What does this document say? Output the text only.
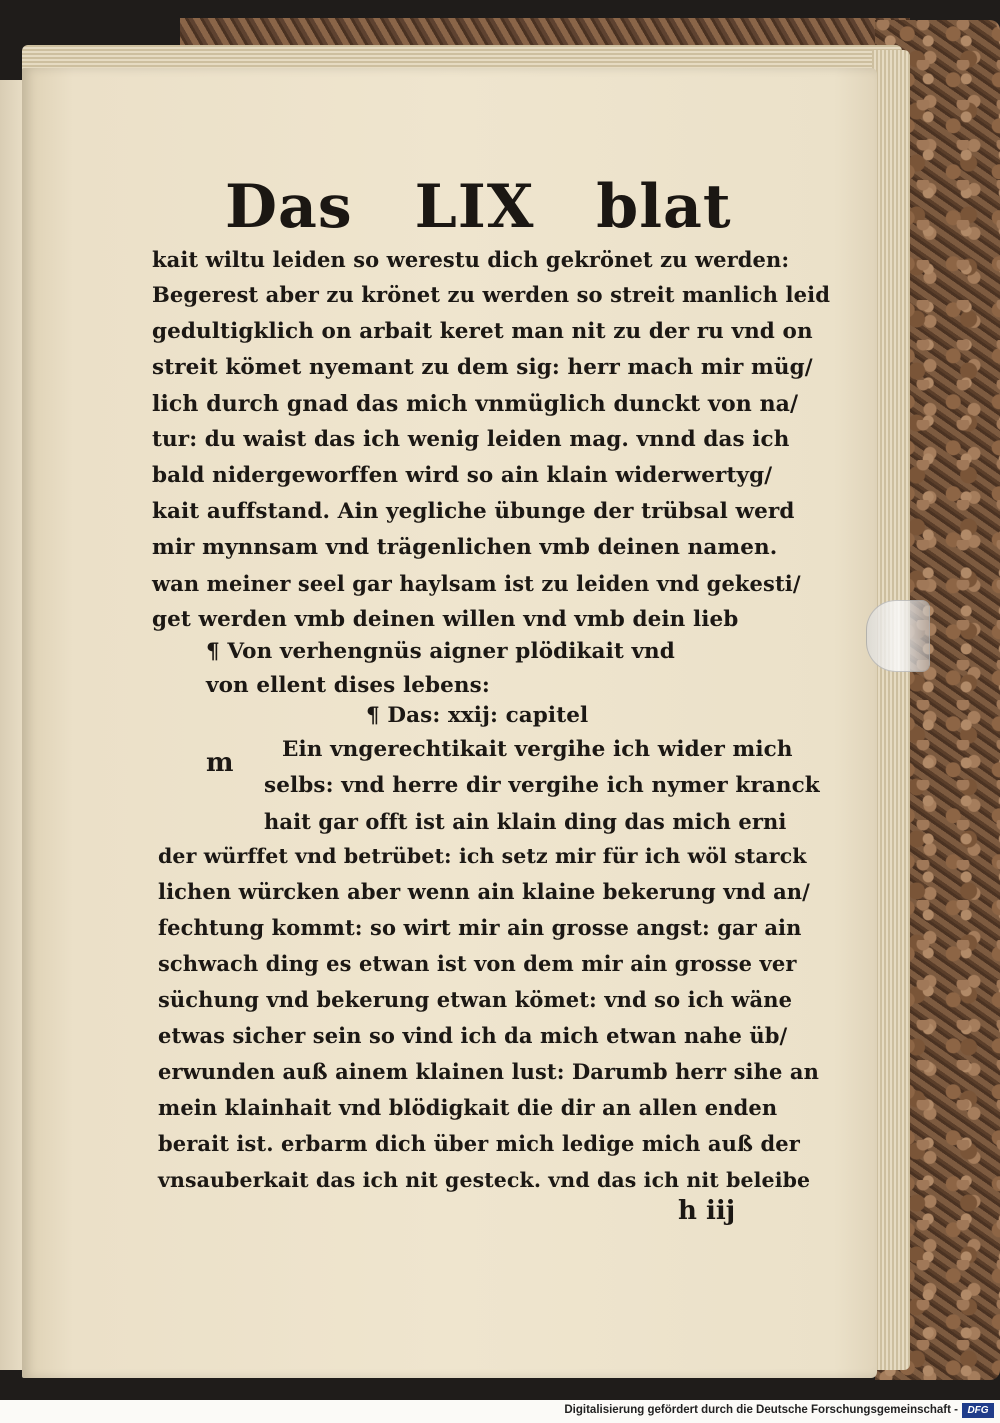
Das LIX blat
kait wiltu leiden so werestu dich gekrönet zu werden:
Begerest aber zu krönet zu werden so streit manlich leid
gedultigklich on arbait keret man nit zu der ru vnd on
streit kömet nyemant zu dem sig: herr mach mir müg/
lich durch gnad das mich vnmüglich dunckt von na/
tur: du waist das ich wenig leiden mag. vnnd das ich
bald nidergeworffen wird so ain klain widerwertyg/
kait auffstand. Ain yegliche übunge der trübsal werd
mir mynnsam vnd trägenlichen vmb deinen namen.
wan meiner seel gar haylsam ist zu leiden vnd gekesti/
get werden vmb deinen willen vnd vmb dein lieb
¶ Von verhengnüs aigner plödikait vnd
von ellent dises lebens:
¶ Das: xxij: capitel
Ein vngerechtikait vergihe ich wider mich
m
selbs: vnd herre dir vergihe ich nymer kranck
hait gar offt ist ain klain ding das mich erni
der würffet vnd betrübet: ich setz mir für ich wöl starck
lichen würcken aber wenn ain klaine bekerung vnd an/
fechtung kommt: so wirt mir ain grosse angst: gar ain
schwach ding es etwan ist von dem mir ain grosse ver
süchung vnd bekerung etwan kömet: vnd so ich wäne
etwas sicher sein so vind ich da mich etwan nahe üb/
erwunden auß ainem klainen lust: Darumb herr sihe an
mein klainhait vnd blödigkait die dir an allen enden
berait ist. erbarm dich über mich ledige mich auß der
vnsauberkait das ich nit gesteck. vnd das ich nit beleibe
h iij
Digitalisierung gefördert durch die Deutsche Forschungsgemeinschaft - DFG
